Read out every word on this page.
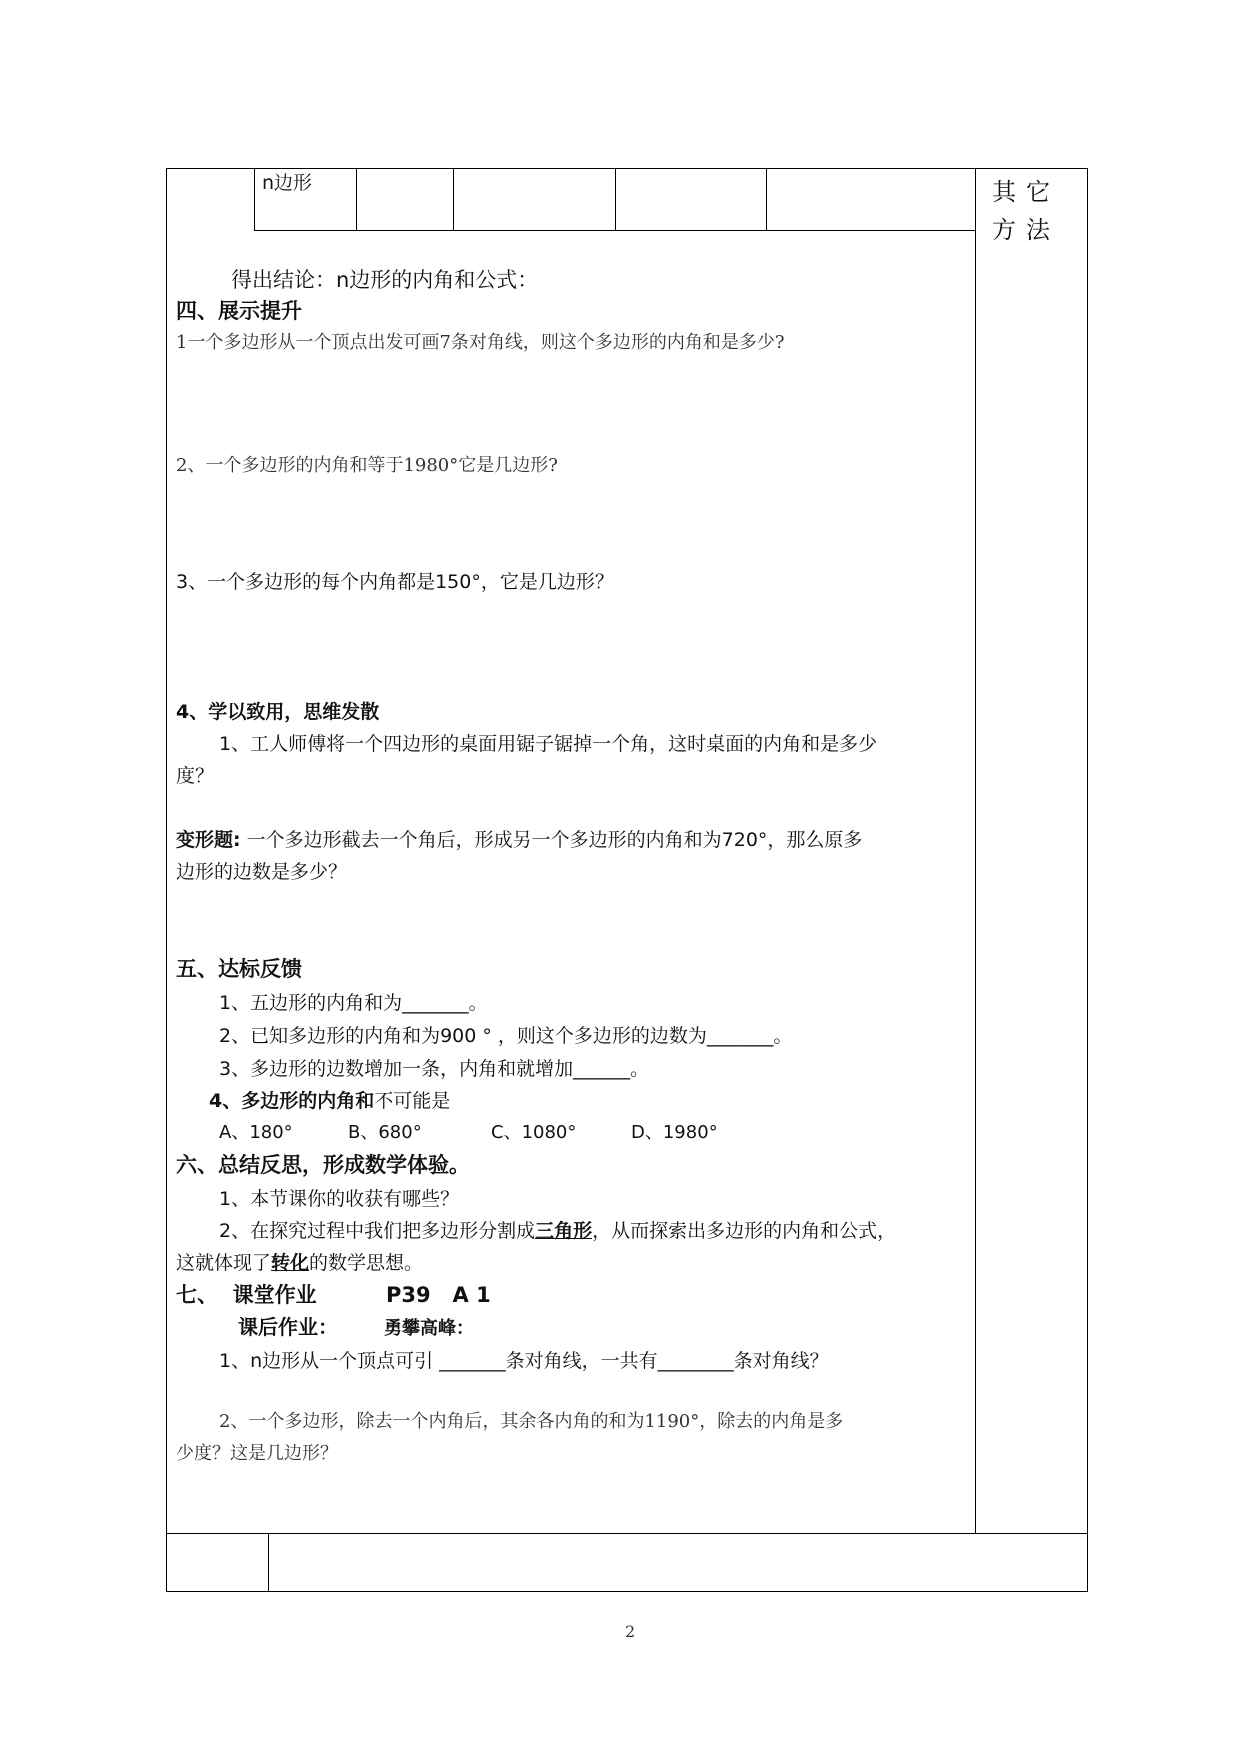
n边形	其它方法
得出结论：n边形的内角和公式：
四、展示提升
1一个多边形从一个顶点出发可画7条对角线，则这个多边形的内角和是多少?
2、一个多边形的内角和等于1980°它是几边形?
3、一个多边形的每个内角都是150°，它是几边形？
4、学以致用，思维发散
1、工人师傅将一个四边形的桌面用锯子锯掉一个角，这时桌面的内角和是多少
度？
变形题: 一个多边形截去一个角后，形成另一个多边形的内角和为720°，那么原多
边形的边数是多少？
五、达标反馈
1、五边形的内角和为_______。
2、已知多边形的内角和为900 ° ，则这个多边形的边数为_______。
3、多边形的边数增加一条，内角和就增加______。
4、多边形的内角和不可能是
A、180°	B、680°	C、1080°	D、1980°
六、总结反思，形成数学体验。
1、本节课你的收获有哪些？
2、在探究过程中我们把多边形分割成三角形，从而探索出多边形的内角和公式，
这就体现了转化的数学思想。
七、  课堂作业	P39   A 1
课后作业：	勇攀高峰：
1、n边形从一个顶点可引 _______条对角线，一共有________条对角线？
2、一个多边形，除去一个内角后，其余各内角的和为1190°，除去的内角是多
少度？这是几边形？
2
